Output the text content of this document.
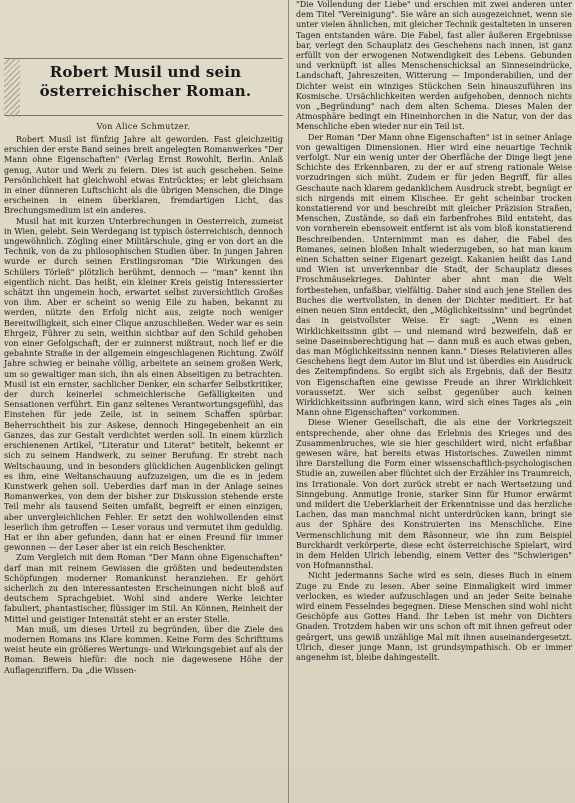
Robert Musil und sein österreichischer Roman.

Von Alice Schmutzer.

Robert Musil ist fünfzig Jahre alt geworden. Fast gleichzeitig erschien der erste Band seines breit angelegten Romanwerkes "Der Mann ohne Eigenschaften" (Verlag Ernst Rowohlt, Berlin. Anlaß genug, Autor und Werk zu feiern. Dies ist auch geschehen. Seine Persönlichkeit hat gleichwohl etwas Entrücktes; er lebt gleichsam in einer dünneren Luftschicht als die übrigen Menschen, die Dinge erscheinen in einem überklaren, fremdartigen Licht, das Brechungsmedium ist ein anderes.

Musil hat mit kurzen Unterbrechungen in Oesterreich, zumeist in Wien, gelebt. Sein Werdegang ist typisch österreichisch, dennoch ungewöhnlich. Zögling einer Militärschule, ging er von dort an die Technik, von da zu philosophischen Studien über. In jungen Jahren wurde er durch seinen Erstlingsroman "Die Wirkungen des Schülers Törleß" plötzlich berühmt, dennoch — "man" kennt ihn eigentlich nicht. Das heißt, ein kleiner Kreis geistig Interessierter schätzt ihn ungemein hoch, erwartet selbst zuversichtlich Großes von ihm. Aber er scheint so wenig Eile zu haben, bekannt zu werden, nützte den Erfolg nicht aus, zeigte noch weniger Bereitwilligkeit, sich einer Clique anzuschließen. Weder war es sein Ehrgeiz, Führer zu sein, weithin sichtbar auf den Schild gehoben von einer Gefolgschaft, der er zuinnerst mißtraut, noch lief er die gebahnte Straße in der allgemein eingeschlagenen Richtung. Zwölf Jahre schwieg er beinahe völlig, arbeitete an seinem großen Werk, um so gewaltiger man sich, ihn als einen Abseitigen zu betrachten. Musil ist ein ernster, sachlicher Denker, ein scharfer Selbstkritiker, der durch keinerlei schmeichlerische Gefälligkeiten und Sensationen verführt. Ein ganz seltenes Verantwortungsgefühl, das Einstehen für jede Zeile, ist in seinem Schaffen spürbar. Beherrschtheit bis zur Askese, dennoch Hingegebenheit an ein Ganzes, das zur Gestalt verdichtet werden soll. In einem kürzlich erschienenen Artikel, "Literatur und Literat" betitelt, bekennt er sich zu seinem Handwerk, zu seiner Berufung. Er strebt nach Weltschauung, und in besonders glücklichen Augenblicken gelingt es ihm, eine Weltanschauung aufzuzeigen, um die es in jedem Kunstwerk gehen soll. Ueberdies darf man in der Anlage seines Romanwerkes, von dem der bisher zur Diskussion stehende erste Teil mehr als tausend Seiten umfaßt, begreift er einen einzigen, aber unvergleichlichen Fehler. Er setzt den wohlwollenden einst leserlich ihm getroffen — Leser voraus und vermutet ihm geduldig. Hat er ihn aber gefunden, dann hat er einen Freund für immer gewonnen — der Leser aber ist ein reich Beschenkter.

Zum Vergleich mit dem Roman "Der Mann ohne Eigenschaften" darf man mit reinem Gewissen die größten und bedeutendsten Schöpfungen moderner Romankunst heranziehen. Er gehört sicherlich zu den interessantesten Erscheinungen nicht bloß auf deutschem Sprachgebiet. Wohl sind andere Werke leichter fabuliert, phantastischer, flüssiger im Stil. An Können, Reinheit der Mittel und geistiger Intensität steht er an erster Stelle.

Man muß, um dieses Urteil zu begründen, über die Ziele des modernen Romans ins Klare kommen. Keine Form des Schrifttums weist heute ein größeres Wertungs- und Wirkungsgebiet auf als der Roman. Beweis hiefür: die noch nie dagewesene Höhe der Auflagenziffern. Da „die Wissen-

"Die Vollendung der Liebe" und erschien mit zwei anderen unter dem Titel "Vereinigung". Sie wäre an sich ausgezeichnet, wenn sie unter vielen ähnlichen, mit gleicher Technik gestalteten in unseren Tagen entstanden wäre. Die Fabel, fast aller äußeren Ergebnisse bar, verlegt den Schauplatz des Geschehens nach innen, ist ganz erfüllt von der erwogenen Notwendigkeit des Lebens. Gebunden und verknüpft ist alles Menschenschicksal an Sinneseindrücke, Landschaft, Jahreszeiten, Witterung — Imponderabilien, und der Dichter weist ein winziges Stückchen Sein hinauszuführen ins Kosmische. Ursächlichkeiten werden aufgehoben, dennoch nichts von „Begründung" nach dem alten Schema. Dieses Malen der Atmosphäre bedingt ein Hineinhorchen in die Natur, von der das Menschliche eben wieder nur ein Teil ist.

Der Roman "Der Mann ohne Eigenschaften" ist in seiner Anlage von gewaltigen Dimensionen. Hier wird eine neuartige Technik verfolgt. Nur ein wenig unter der Oberfläche der Dinge liegt jene Schichte des Erkennbaren, zu der er auf streng rationale Weise vorzudringen sich müht. Zudem er für jeden Begriff, für alles Geschaute nach klarem gedanklichem Ausdruck strebt, begnügt er sich nirgends mit einem Klischee. Er geht scheinbar trocken konstatierend vor und beschreibt mit gleicher Präzision Straßen, Menschen, Zustände, so daß ein farbenfrohes Bild entsteht, das von vornherein ebensoweit entfernt ist als vom bloß konstatierend Beschreibenden. Unternimmt man es daher, die Fabel des Romanes, seinen bloßen Inhalt wiederzugeben, so hat man kaum einen Schatten seiner Eigenart gezeigt. Kakanien heißt das Land und Wien ist unverkennbar die Stadt, der Schauplatz dieses Froschmäusekrieges. Dahinter aber ahnt man die Welt fortbestehen, unfaßbar, vielfältig. Daher sind auch jene Stellen des Buches die wertvollsten, in denen der Dichter meditiert. Er hat einen neuen Sinn entdeckt, den „Möglichkeitssinn" und begründet das in geistvollster Weise. Er sagt: „Wenn es einen Wirklichkeitssinn gibt — und niemand wird bezweifeln, daß er seine Daseinsberechtigung hat — dann muß es auch etwas geben, das man Möglichkeitssinn nennen kann." Dieses Relativieren alles Geschehens liegt dem Autor im Blut und ist überdies ein Ausdruck des Zeitempfindens. So ergibt sich als Ergebnis, daß der Besitz von Eigenschaften eine gewisse Freude an ihrer Wirklichkeit voraussetzt. Wer sich selbst gegenüber auch keinen Wirklichkeitssinn aufbringen kann, wird sich eines Tages als „ein Mann ohne Eigenschaften" vorkommen.

Diese Wiener Gesellschaft, die als eine der Vorkriegszeit entsprechende, aber ohne das Erlebnis des Krieges und des Zusammenbruches, wie sie hier geschildert wird, nicht erfaßbar gewesen wäre, hat bereits etwas Historisches. Zuweilen nimmt ihre Darstellung die Form einer wissenschaftlich-psychologischen Studie an, zuweilen aber flüchtet sich der Erzähler ins Traumreich, ins Irrationale. Von dort zurück strebt er nach Wertsetzung und Sinngebung. Anmutige Ironie, starker Sinn für Humor erwärmt und mildert die Ueberklarheit der Erkenntnisse und das herzliche Lachen, das man manchmal nicht unterdrücken kann, bringt sie aus der Sphäre des Konstruierten ins Menschliche. Eine Vermenschlichung mit dem Räsonneur, wie ihn zum Beispiel Burckhardt verkörperte, diese echt österreichische Spielart, wird in dem Helden Ulrich lebendig, einem Vetter des "Schwierigen" von Hofmannsthal.

Nicht jedermanns Sache wird es sein, dieses Buch in einem Zuge zu Ende zu lesen. Aber seine Einmaligkeit wird immer verlocken, es wieder aufzuschlagen und an jeder Seite beinahe wird einem Fesselndes begegnen. Diese Menschen sind wohl nicht Geschöpfe aus Gottes Hand. Ihr Leben ist mehr von Dichters Gnaden. Trotzdem haben wir uns schon oft mit ihnen gefreut oder geärgert, uns gewiß unzählige Mal mit ihnen auseinandergesetzt. Ulrich, dieser junge Mann, ist grundsympathisch. Ob er immer angenehm ist, bleibe dahingestellt.
